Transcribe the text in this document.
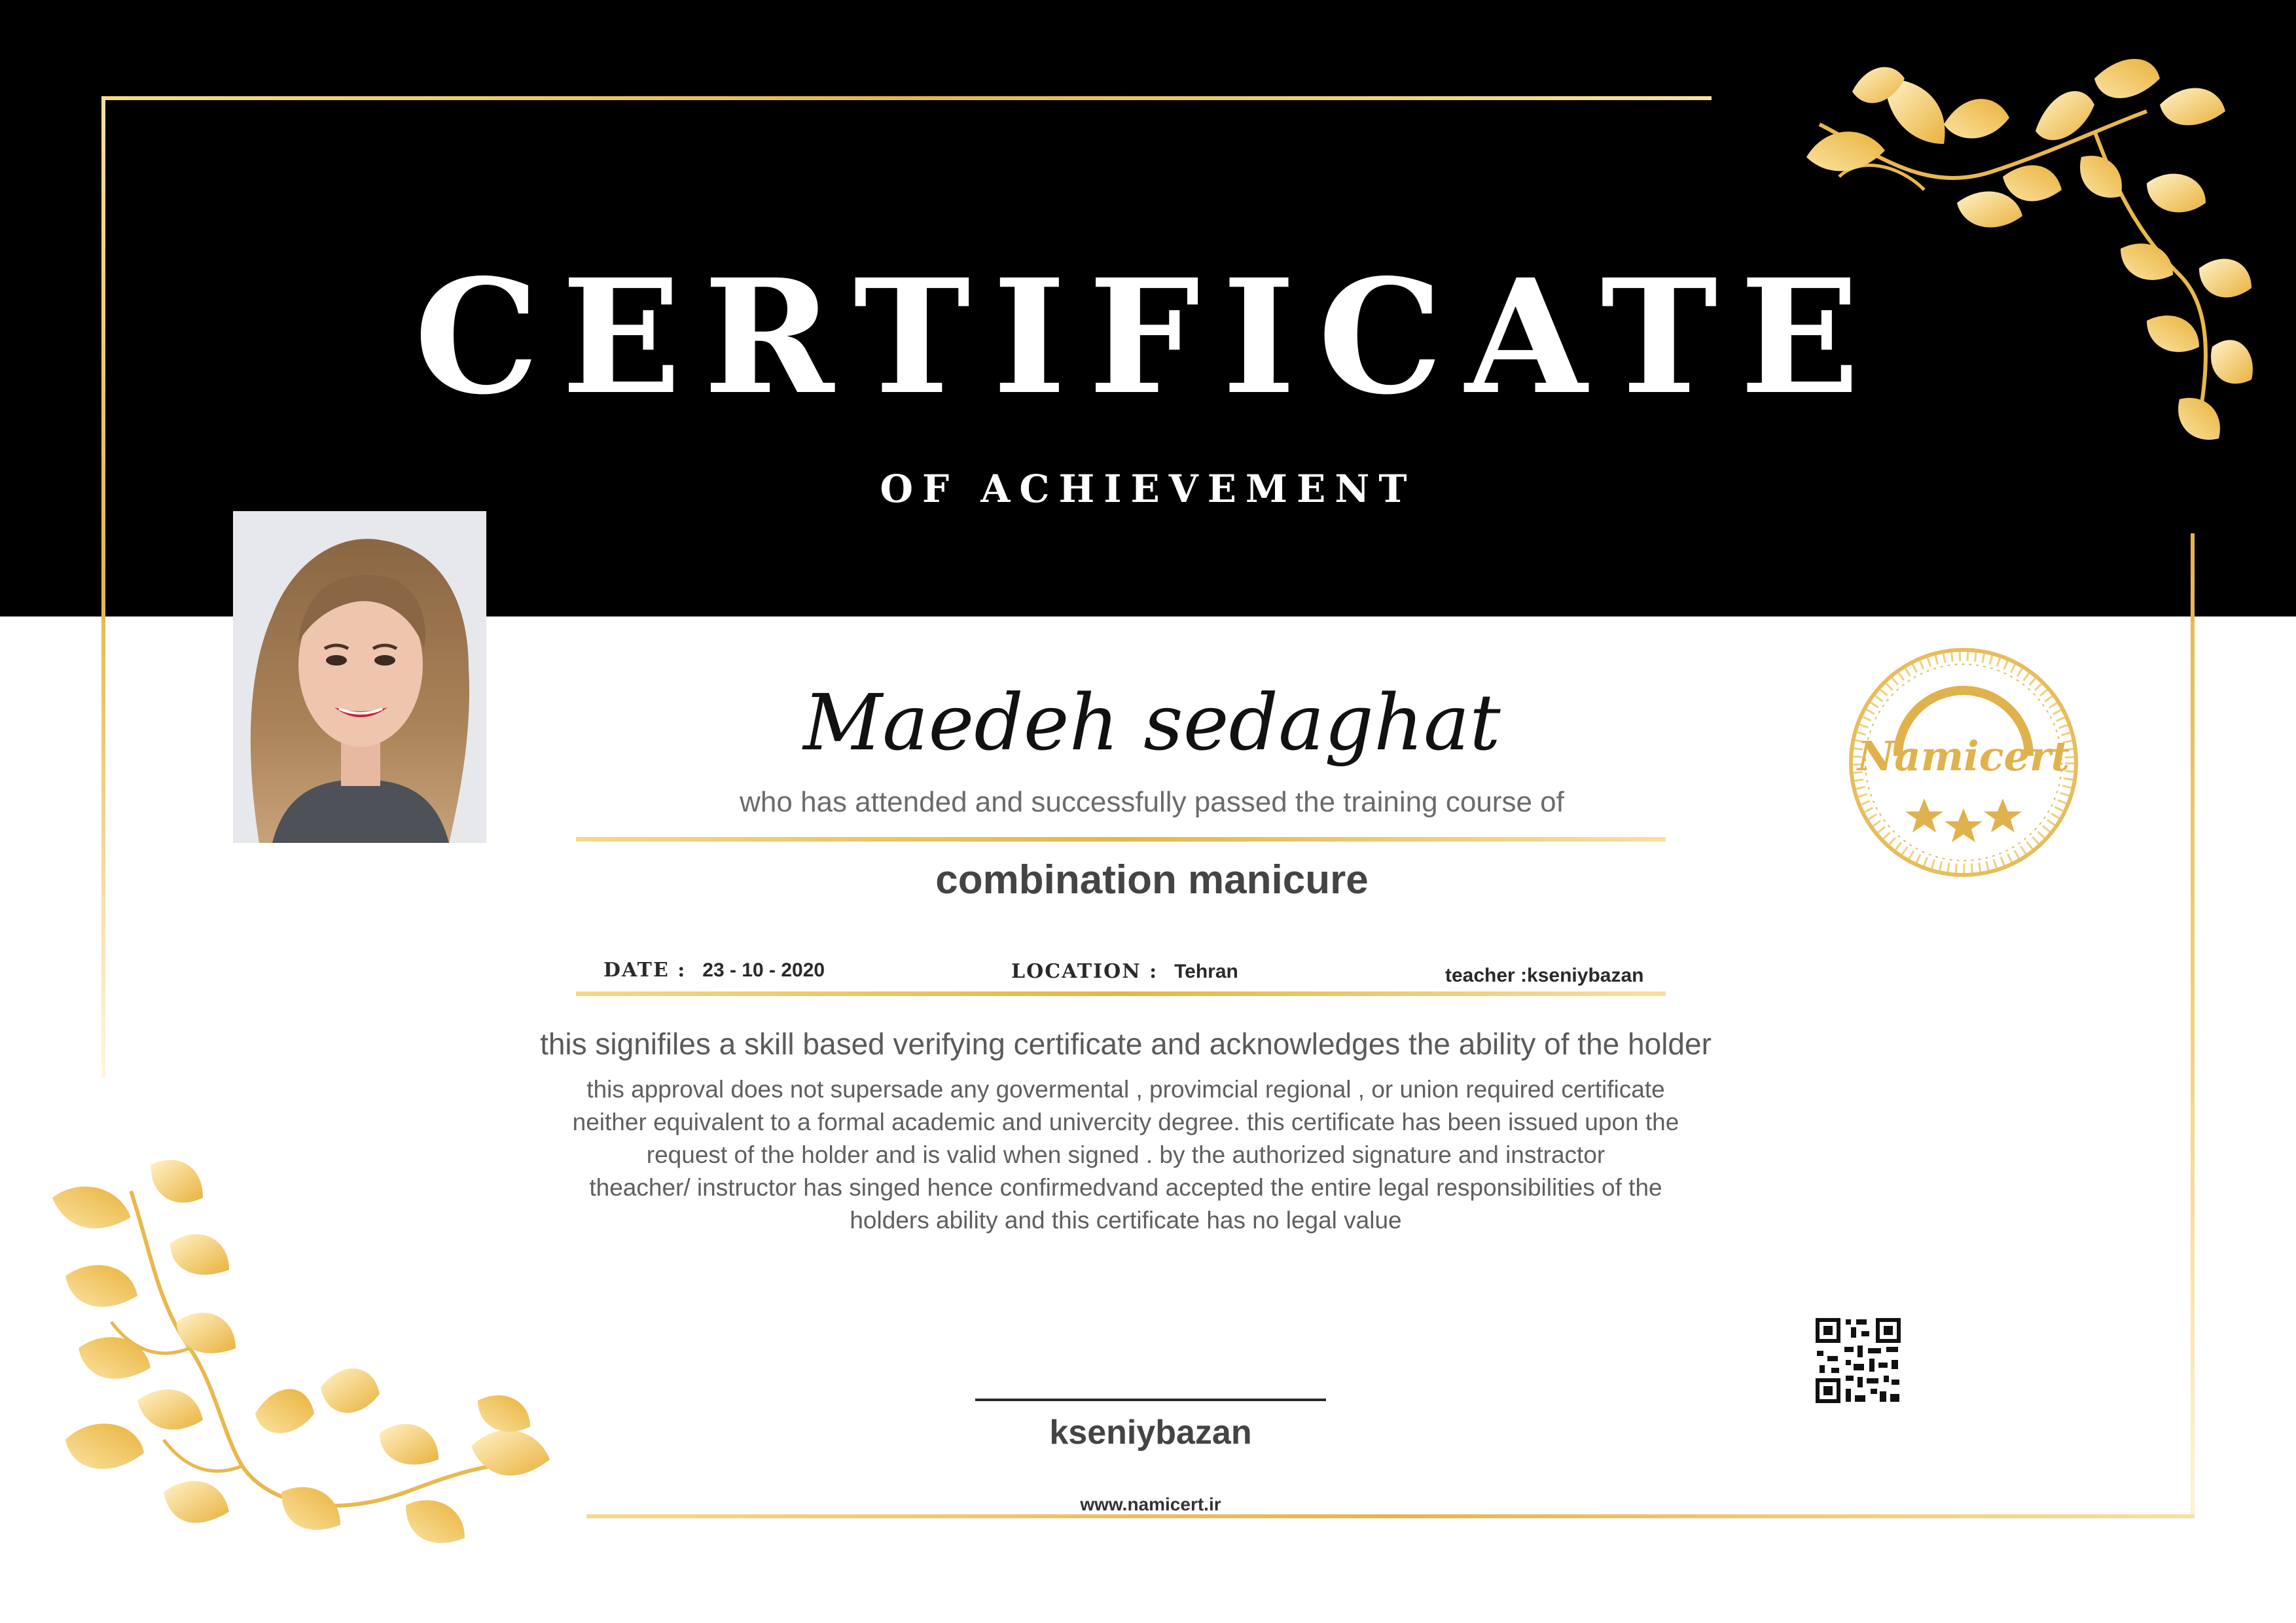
CERTIFICATE
OF ACHIEVEMENT
Maedeh sedaghat
who has attended and successfully passed the training course of
combination manicure
DATE :  23 - 10 - 2020	LOCATION :  Tehran	teacher :kseniybazan
this signifiles a skill based verifying certificate and acknowledges the ability of the holder
this approval does not supersade any govermental , provimcial regional , or union required certificate
neither equivalent to a formal academic and univercity degree. this certificate has been issued upon the
request of the holder and is valid when signed . by the authorized signature and instractor
theacher/ instructor has singed hence confirmedvand accepted the entire legal responsibilities of the
holders ability and this certificate has no legal value
kseniybazan
www.namicert.ir
Namicert
